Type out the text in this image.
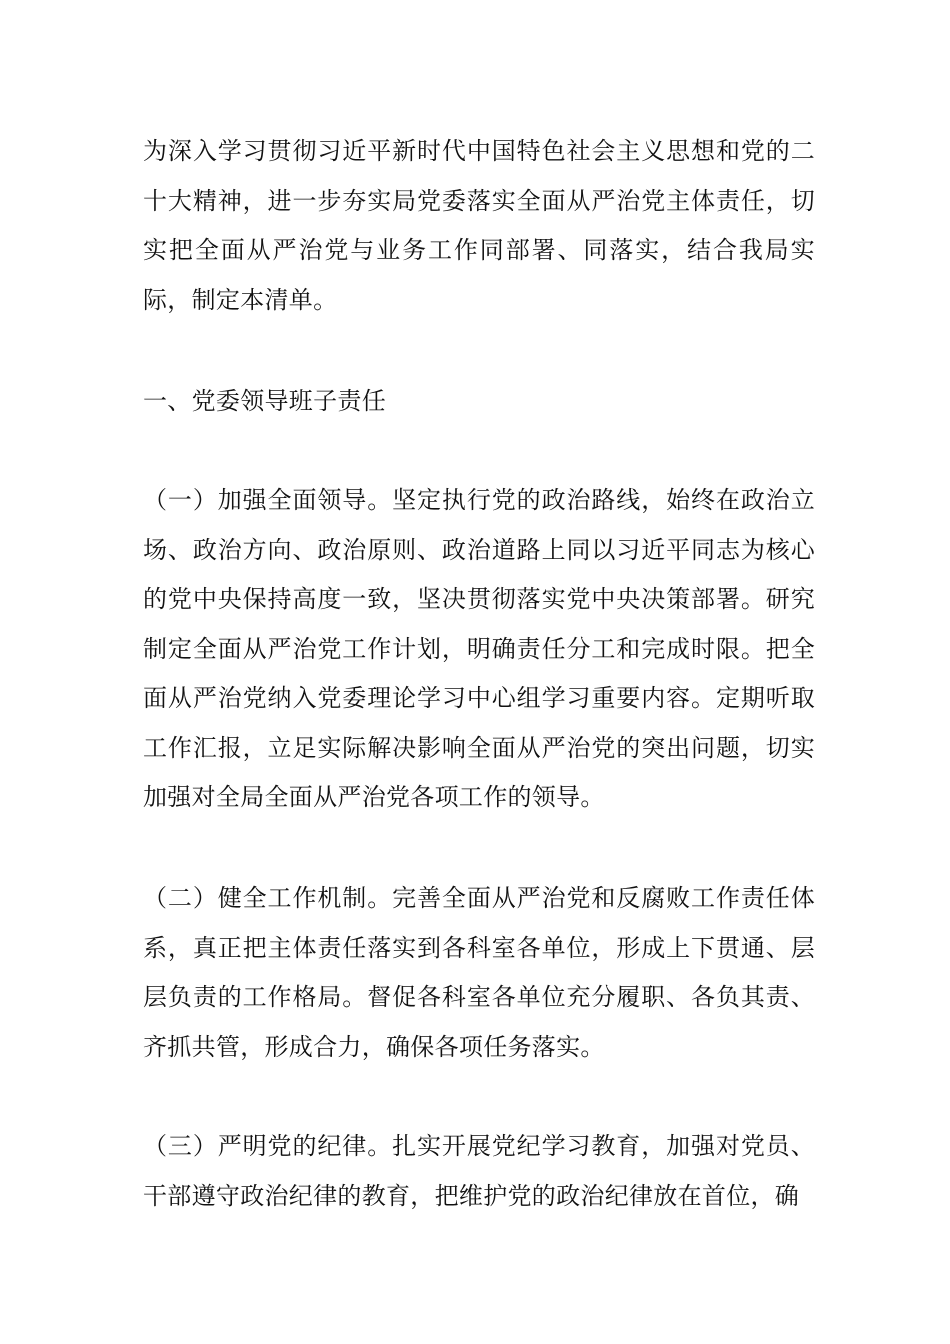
为深入学习贯彻习近平新时代中国特色社会主义思想和党的二十大精神，进一步夯实局党委落实全面从严治党主体责任，切实把全面从严治党与业务工作同部署、同落实，结合我局实际，制定本清单。

一、党委领导班子责任

（一）加强全面领导。坚定执行党的政治路线，始终在政治立场、政治方向、政治原则、政治道路上同以习近平同志为核心的党中央保持高度一致，坚决贯彻落实党中央决策部署。研究制定全面从严治党工作计划，明确责任分工和完成时限。把全面从严治党纳入党委理论学习中心组学习重要内容。定期听取工作汇报，立足实际解决影响全面从严治党的突出问题，切实加强对全局全面从严治党各项工作的领导。

（二）健全工作机制。完善全面从严治党和反腐败工作责任体系，真正把主体责任落实到各科室各单位，形成上下贯通、层层负责的工作格局。督促各科室各单位充分履职、各负其责、齐抓共管，形成合力，确保各项任务落实。

（三）严明党的纪律。扎实开展党纪学习教育，加强对党员、干部遵守政治纪律的教育，把维护党的政治纪律放在首位，确
